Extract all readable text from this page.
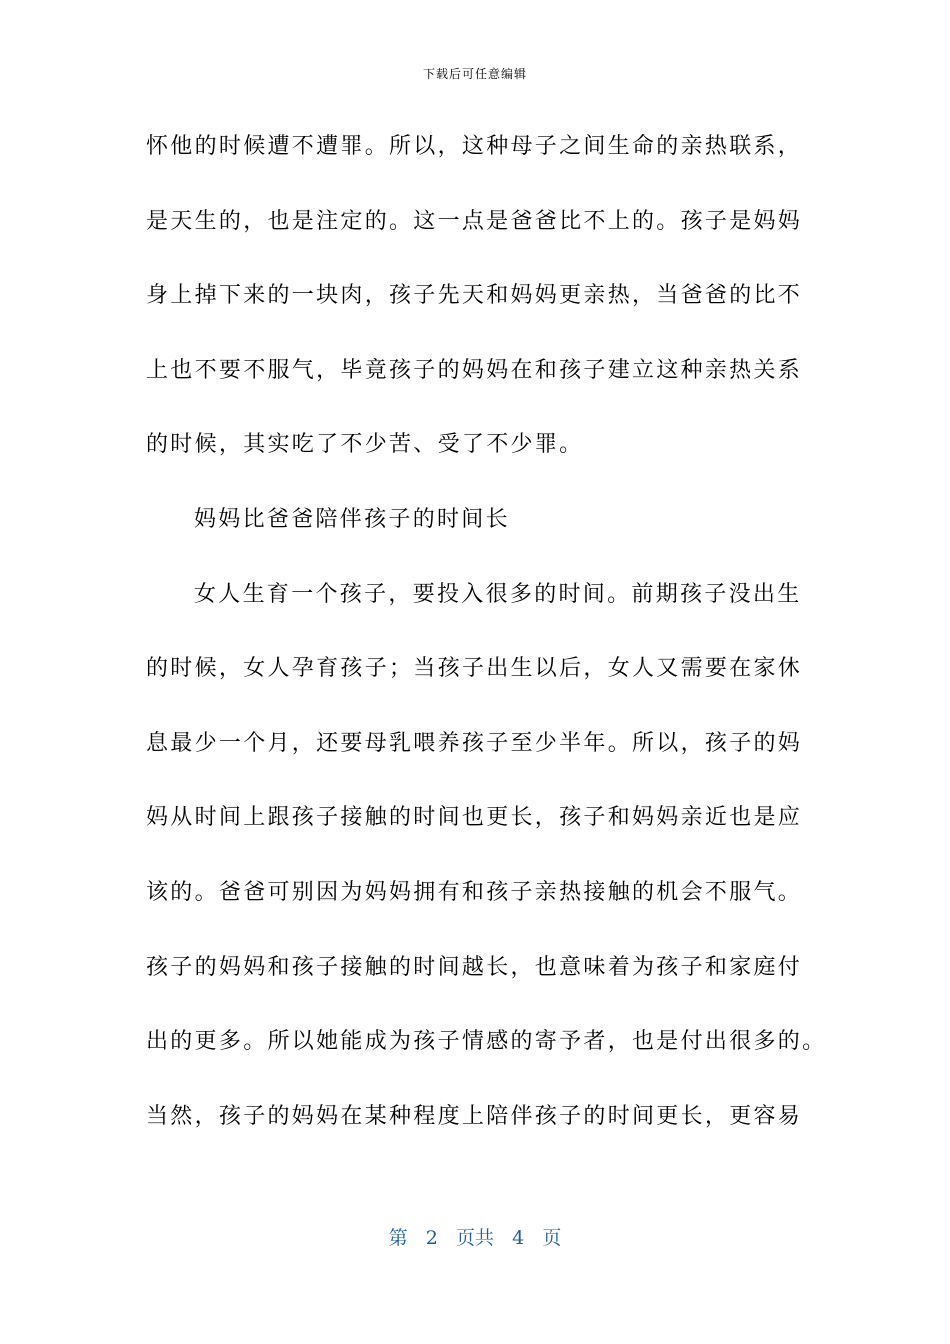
下载后可任意编辑
怀他的时候遭不遭罪。所以，这种母子之间生命的亲热联系，
是天生的，也是注定的。这一点是爸爸比不上的。孩子是妈妈
身上掉下来的一块肉，孩子先天和妈妈更亲热，当爸爸的比不
上也不要不服气，毕竟孩子的妈妈在和孩子建立这种亲热关系
的时候，其实吃了不少苦、受了不少罪。
妈妈比爸爸陪伴孩子的时间长
女人生育一个孩子，要投入很多的时间。前期孩子没出生
的时候，女人孕育孩子；当孩子出生以后，女人又需要在家休
息最少一个月，还要母乳喂养孩子至少半年。所以，孩子的妈
妈从时间上跟孩子接触的时间也更长，孩子和妈妈亲近也是应
该的。爸爸可别因为妈妈拥有和孩子亲热接触的机会不服气。
孩子的妈妈和孩子接触的时间越长，也意味着为孩子和家庭付
出的更多。所以她能成为孩子情感的寄予者，也是付出很多的。
当然，孩子的妈妈在某种程度上陪伴孩子的时间更长，更容易
第 2 页共 4 页
